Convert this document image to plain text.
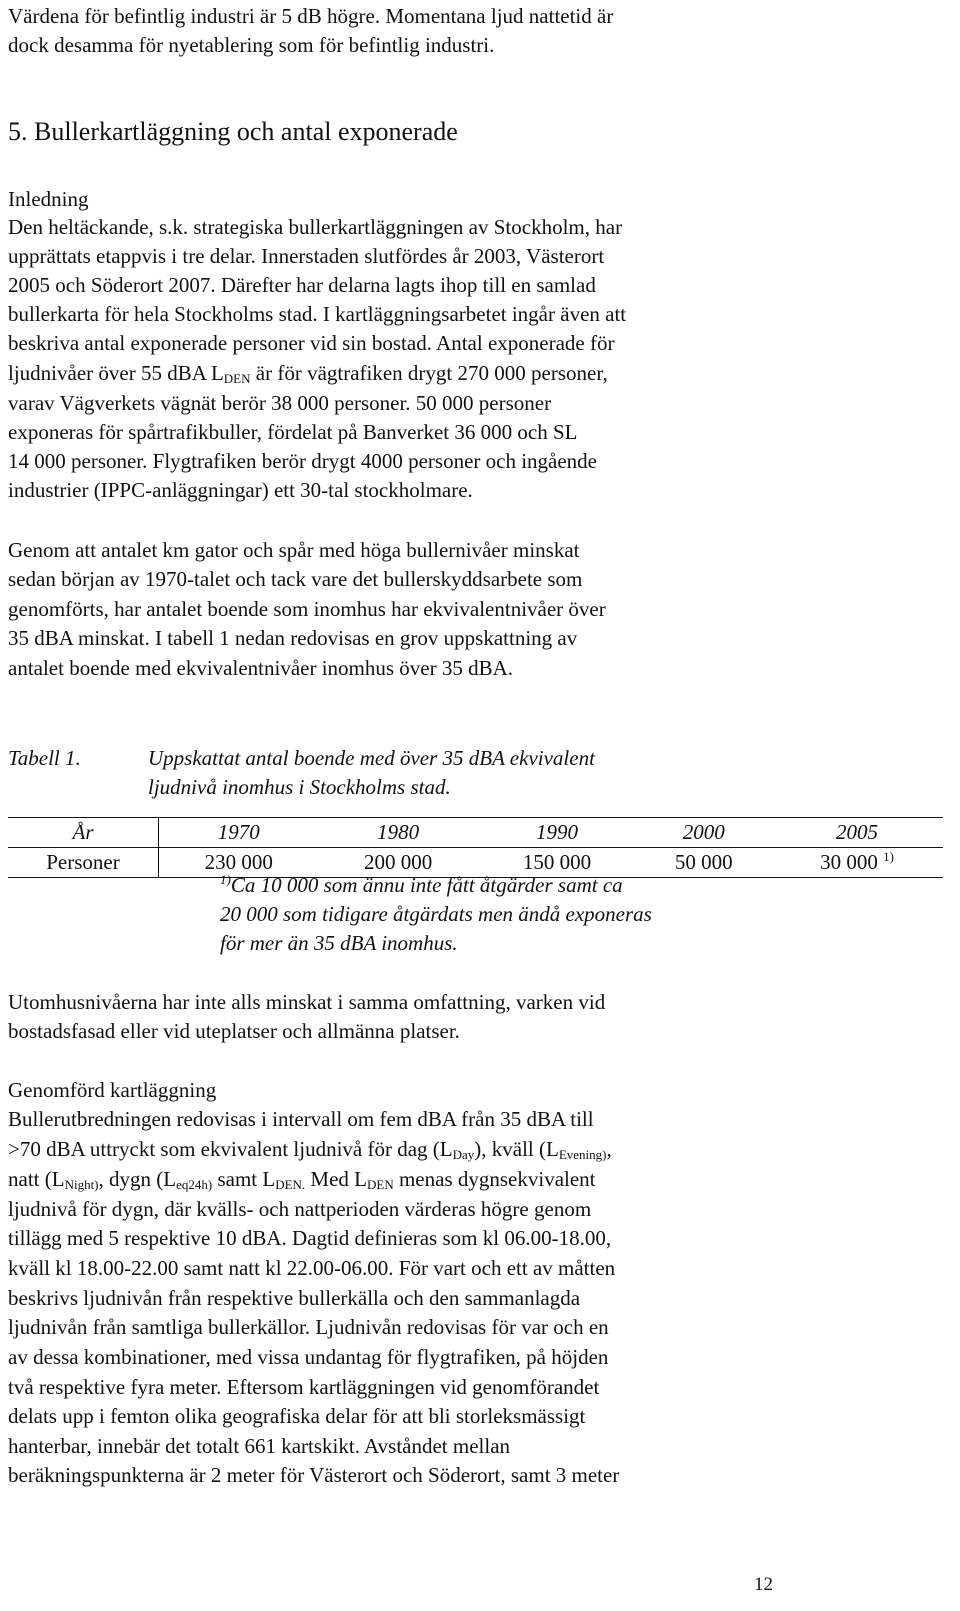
Värdena för befintlig industri är 5 dB högre. Momentana ljud nattetid är
dock desamma för nyetablering som för befintlig industri.
5. Bullerkartläggning och antal exponerade
Inledning
Den heltäckande, s.k. strategiska bullerkartläggningen av Stockholm, har
upprättats etappvis i tre delar. Innerstaden slutfördes år 2003, Västerort
2005 och Söderort 2007. Därefter har delarna lagts ihop till en samlad
bullerkarta för hela Stockholms stad. I kartläggningsarbetet ingår även att
beskriva antal exponerade personer vid sin bostad. Antal exponerade för
ljudnivåer över 55 dBA $L_{DEN}$ är för vägtrafiken drygt 270 000 personer,
varav Vägverkets vägnät berör 38 000 personer. 50 000 personer
exponeras för spårtrafikbuller, fördelat på Banverket 36 000 och SL
14 000 personer. Flygtrafiken berör drygt 4000 personer och ingående
industrier (IPPC-anläggningar) ett 30-tal stockholmare.
Genom att antalet km gator och spår med höga bullernivåer minskat
sedan början av 1970-talet och tack vare det bullerskyddsarbete som
genomförts, har antalet boende som inomhus har ekvivalentnivåer över
35 dBA minskat. I tabell 1 nedan redovisas en grov uppskattning av
antalet boende med ekvivalentnivåer inomhus över 35 dBA.
Tabell 1.	Uppskattat antal boende med över 35 dBA ekvivalent
ljudnivå inomhus i Stockholms stad.
År	1970	1980	1990	2000	2005
Personer	230 000	200 000	150 000	50 000	30 000 $^{1)}$
$^{1)}$Ca 10 000 som ännu inte fått åtgärder samt ca
20 000 som tidigare åtgärdats men ändå exponeras
för mer än 35 dBA inomhus.
Utomhusnivåerna har inte alls minskat i samma omfattning, varken vid
bostadsfasad eller vid uteplatser och allmänna platser.
Genomförd kartläggning
Bullerutbredningen redovisas i intervall om fem dBA från 35 dBA till
>70 dBA uttryckt som ekvivalent ljudnivå för dag $(L_{Day})$, kväll ($L_{Evening)}$,
natt ($L_{Night)}$, dygn ($L_{eq24h)}$ samt $L_{DEN.}$ Med $L_{DEN}$ menas dygnsekvivalent
ljudnivå för dygn, där kvälls- och nattperioden värderas högre genom
tillägg med 5 respektive 10 dBA. Dagtid definieras som kl 06.00-18.00,
kväll kl 18.00-22.00 samt natt kl 22.00-06.00. För vart och ett av måtten
beskrivs ljudnivån från respektive bullerkälla och den sammanlagda
ljudnivån från samtliga bullerkällor. Ljudnivån redovisas för var och en
av dessa kombinationer, med vissa undantag för flygtrafiken, på höjden
två respektive fyra meter. Eftersom kartläggningen vid genomförandet
delats upp i femton olika geografiska delar för att bli storleksmässigt
hanterbar, innebär det totalt 661 kartskikt. Avståndet mellan
beräkningspunkterna är 2 meter för Västerort och Söderort, samt 3 meter
12
